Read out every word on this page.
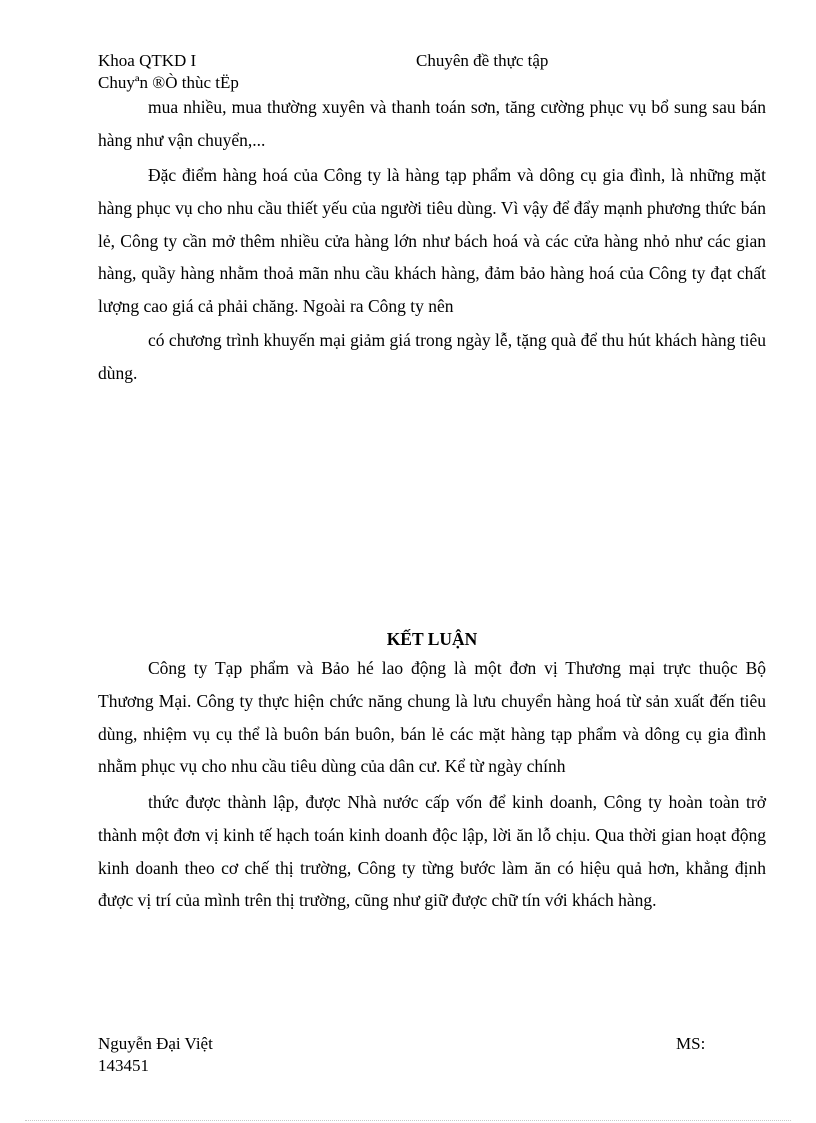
Khoa QTKD I	Chuyên đề thực tập
Chuyªn ®Ò thùc tËp

mua nhiều, mua thường xuyên và thanh toán sơn, tăng cường phục vụ bổ sung sau bán hàng như vận chuyển,...

Đặc điểm hàng hoá của Công ty là hàng tạp phẩm và dông cụ gia đình, là những mặt hàng phục vụ cho nhu cầu thiết yếu của người tiêu dùng. Vì vậy để đẩy mạnh phương thức bán lẻ, Công ty cần mở thêm nhiều cửa hàng lớn như bách hoá và các cửa hàng nhỏ như các gian hàng, quầy hàng nhằm thoả mãn nhu cầu khách hàng, đảm bảo hàng hoá của Công ty đạt chất lượng cao giá cả phải chăng. Ngoài ra Công ty nên

có chương trình khuyến mại giảm giá trong ngày lễ, tặng quà để thu hút khách hàng tiêu dùng.

KẾT LUẬN

Công ty Tạp phẩm và Bảo hé lao động là một đơn vị Thương mại trực thuộc Bộ Thương Mại. Công ty thực hiện chức năng chung là lưu chuyển hàng hoá từ sản xuất đến tiêu dùng, nhiệm vụ cụ thể là buôn bán buôn, bán lẻ các mặt hàng tạp phẩm và dông cụ gia đình nhằm phục vụ cho nhu cầu tiêu dùng của dân cư. Kể từ ngày chính

thức được thành lập, được Nhà nước cấp vốn để kinh doanh, Công ty hoàn toàn trở thành một đơn vị kinh tế hạch toán kinh doanh độc lập, lời ăn lỗ chịu. Qua thời gian hoạt động kinh doanh theo cơ chế thị trường, Công ty từng bước làm ăn có hiệu quả hơn, khẳng định được vị trí của mình trên thị trường, cũng như giữ được chữ tín với khách hàng.

Nguyễn Đại Việt	MS:
143451
